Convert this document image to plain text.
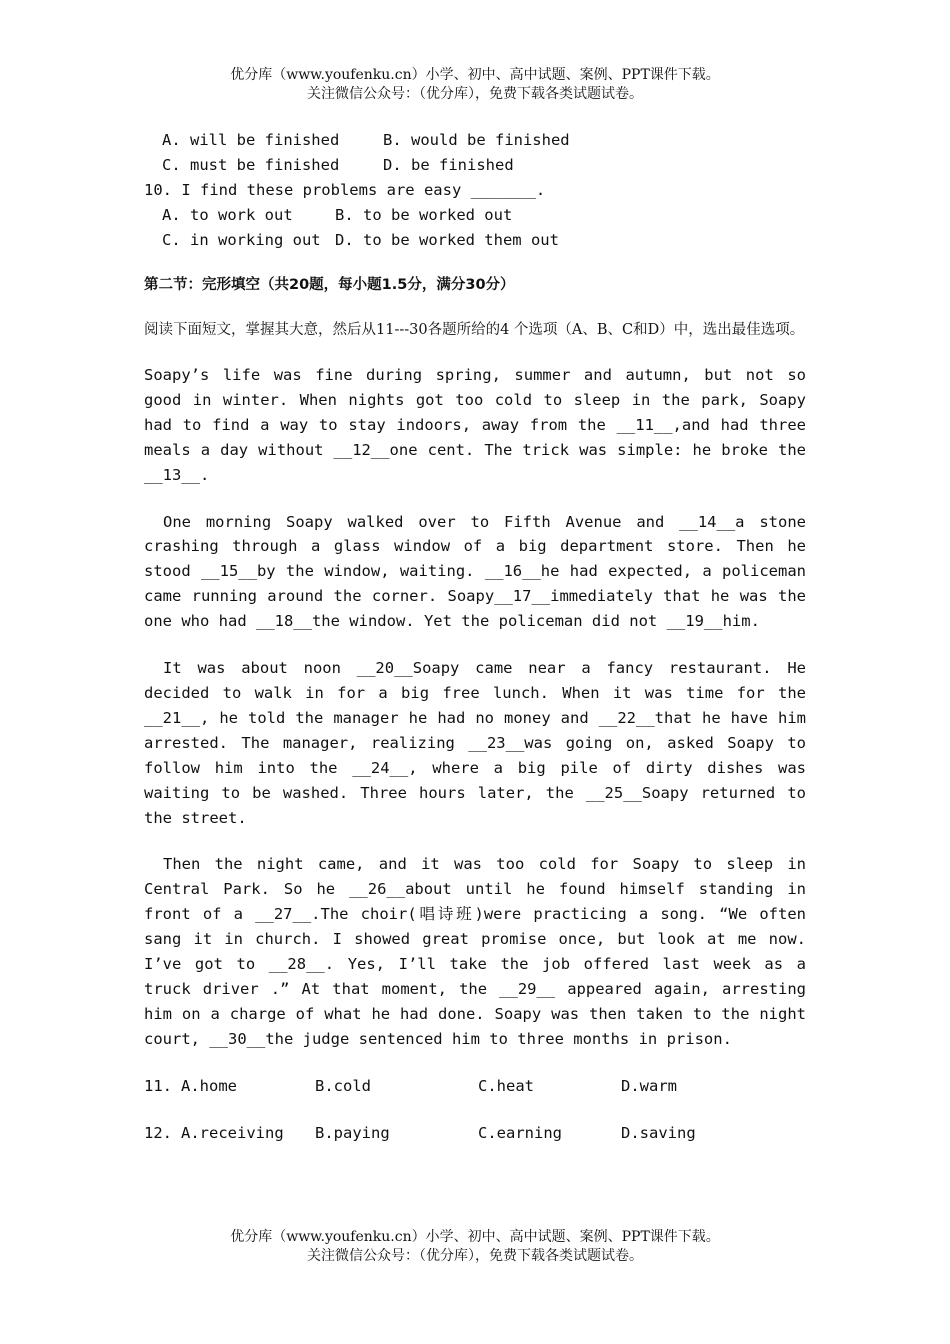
优分库（www.youfenku.cn）小学、初中、高中试题、案例、PPT课件下载。
关注微信公众号：（优分库），免费下载各类试题试卷。
A. will be finished	B. would be finished
C. must be finished	D. be finished
10. I find these problems are easy _______.
A. to work out	B. to be worked out
C. in working out D. to be worked them out
第二节：完形填空（共20题，每小题1.5分，满分30分）
阅读下面短文，掌握其大意，然后从11---30各题所给的4 个选项（A、B、C和D）中，选出最佳选项。

Soapy’s life was fine during spring, summer and autumn, but not so good in winter. When nights got too cold to sleep in the park, Soapy had to find a way to stay indoors, away from the __11__,and had three meals a day without __12__one cent. The trick was simple: he broke the __13__.

One morning Soapy walked over to Fifth Avenue and __14__a stone crashing through a glass window of a big department store. Then he stood __15__by the window, waiting. __16__he had expected, a policeman came running around the corner. Soapy__17__immediately that he was the one who had __18__the window. Yet the policeman did not __19__him.

It was about noon __20__Soapy came near a fancy restaurant. He decided to walk in for a big free lunch. When it was time for the __21__, he told the manager he had no money and __22__that he have him arrested. The manager, realizing __23__was going on, asked Soapy to follow him into the __24__, where a big pile of dirty dishes was waiting to be washed. Three hours later, the __25__Soapy returned to the street.

Then the night came, and it was too cold for Soapy to sleep in Central Park. So he __26__about until he found himself standing in front of a __27__.The choir(唱诗班)were practicing a song. “We often sang it in church. I showed great promise once, but look at me now. I’ve got to __28__. Yes, I’ll take the job offered last week as a truck driver .” At that moment, the __29__ appeared again, arresting him on a charge of what he had done. Soapy was then taken to the night court, __30__the judge sentenced him to three months in prison.

11. A.home	B.cold	C.heat	D.warm
12. A.receiving B.paying	C.earning	D.saving
优分库（www.youfenku.cn）小学、初中、高中试题、案例、PPT课件下载。
关注微信公众号：（优分库），免费下载各类试题试卷。
